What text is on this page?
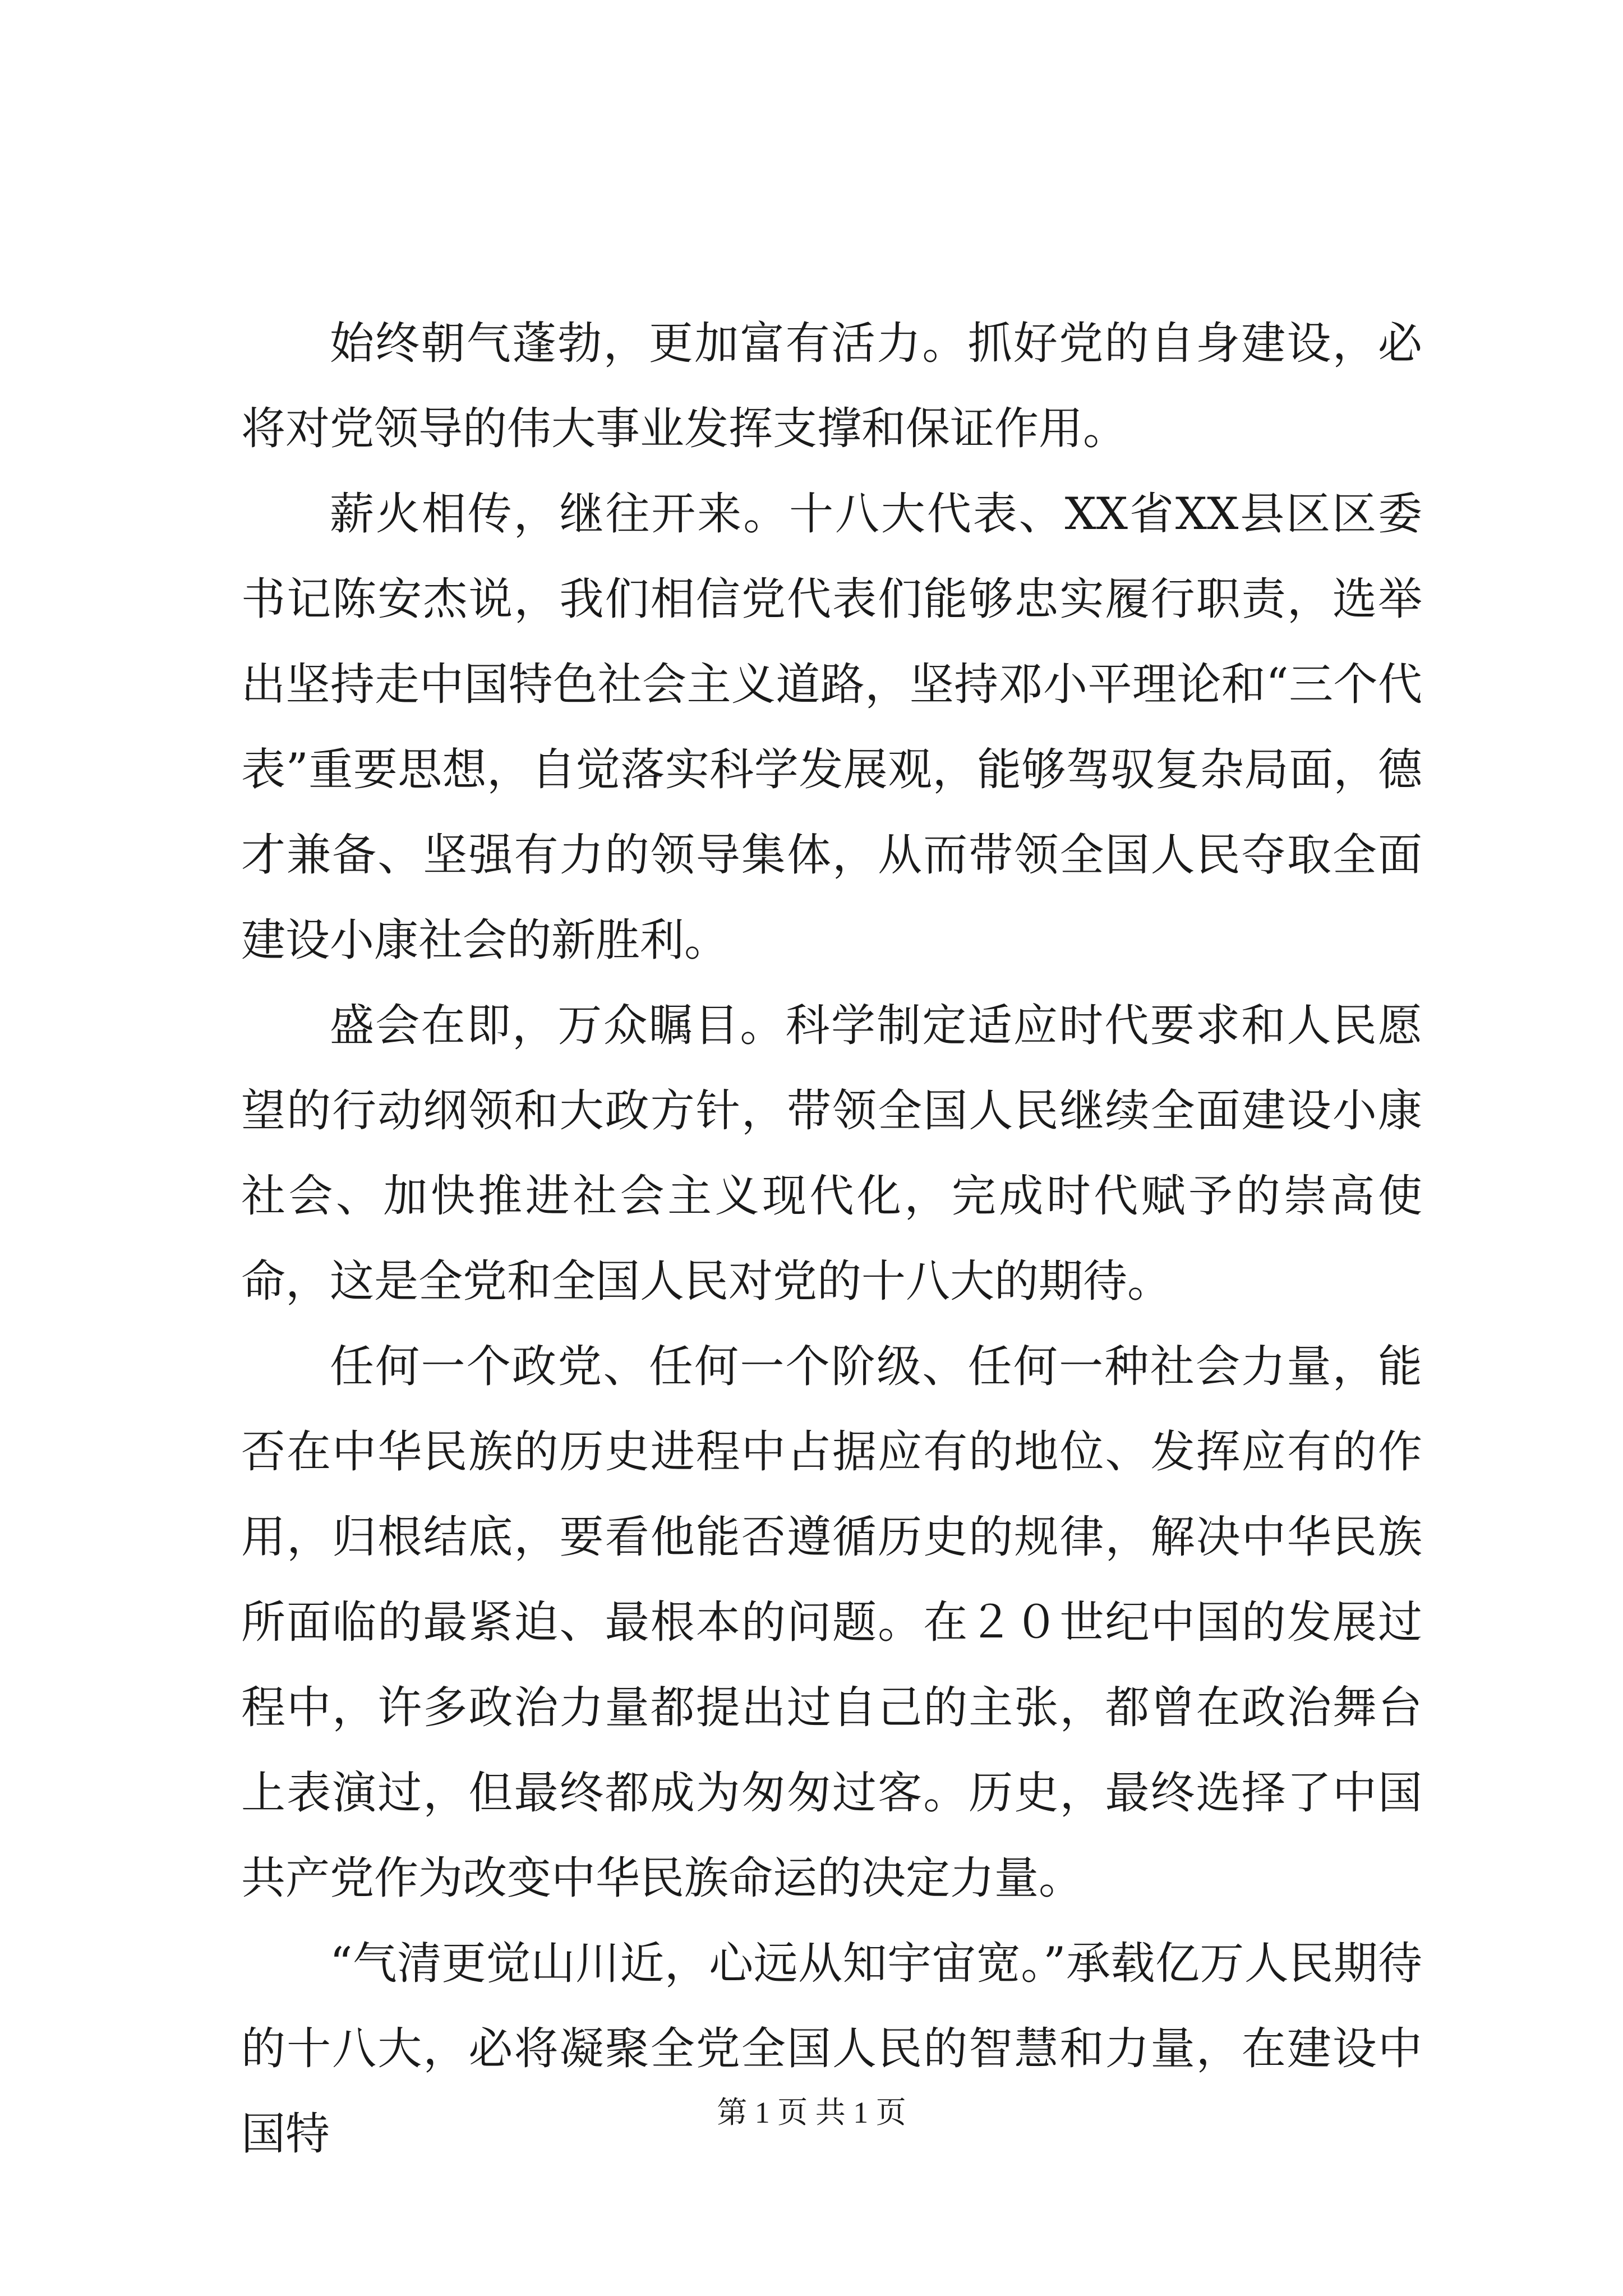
始终朝气蓬勃，更加富有活力。抓好党的自身建设，必将对党领导的伟大事业发挥支撑和保证作用。

薪火相传，继往开来。十八大代表、XX省XX县区区委书记陈安杰说，我们相信党代表们能够忠实履行职责，选举出坚持走中国特色社会主义道路，坚持邓小平理论和“三个代表”重要思想，自觉落实科学发展观，能够驾驭复杂局面，德才兼备、坚强有力的领导集体，从而带领全国人民夺取全面建设小康社会的新胜利。

盛会在即，万众瞩目。科学制定适应时代要求和人民愿望的行动纲领和大政方针，带领全国人民继续全面建设小康社会、加快推进社会主义现代化，完成时代赋予的崇高使命，这是全党和全国人民对党的十八大的期待。

任何一个政党、任何一个阶级、任何一种社会力量，能否在中华民族的历史进程中占据应有的地位、发挥应有的作用，归根结底，要看他能否遵循历史的规律，解决中华民族所面临的最紧迫、最根本的问题。在２０世纪中国的发展过程中，许多政治力量都提出过自己的主张，都曾在政治舞台上表演过，但最终都成为匆匆过客。历史，最终选择了中国共产党作为改变中华民族命运的决定力量。

“气清更觉山川近，心远从知宇宙宽。”承载亿万人民期待的十八大，必将凝聚全党全国人民的智慧和力量，在建设中国特	第 1 页 共 1 页
